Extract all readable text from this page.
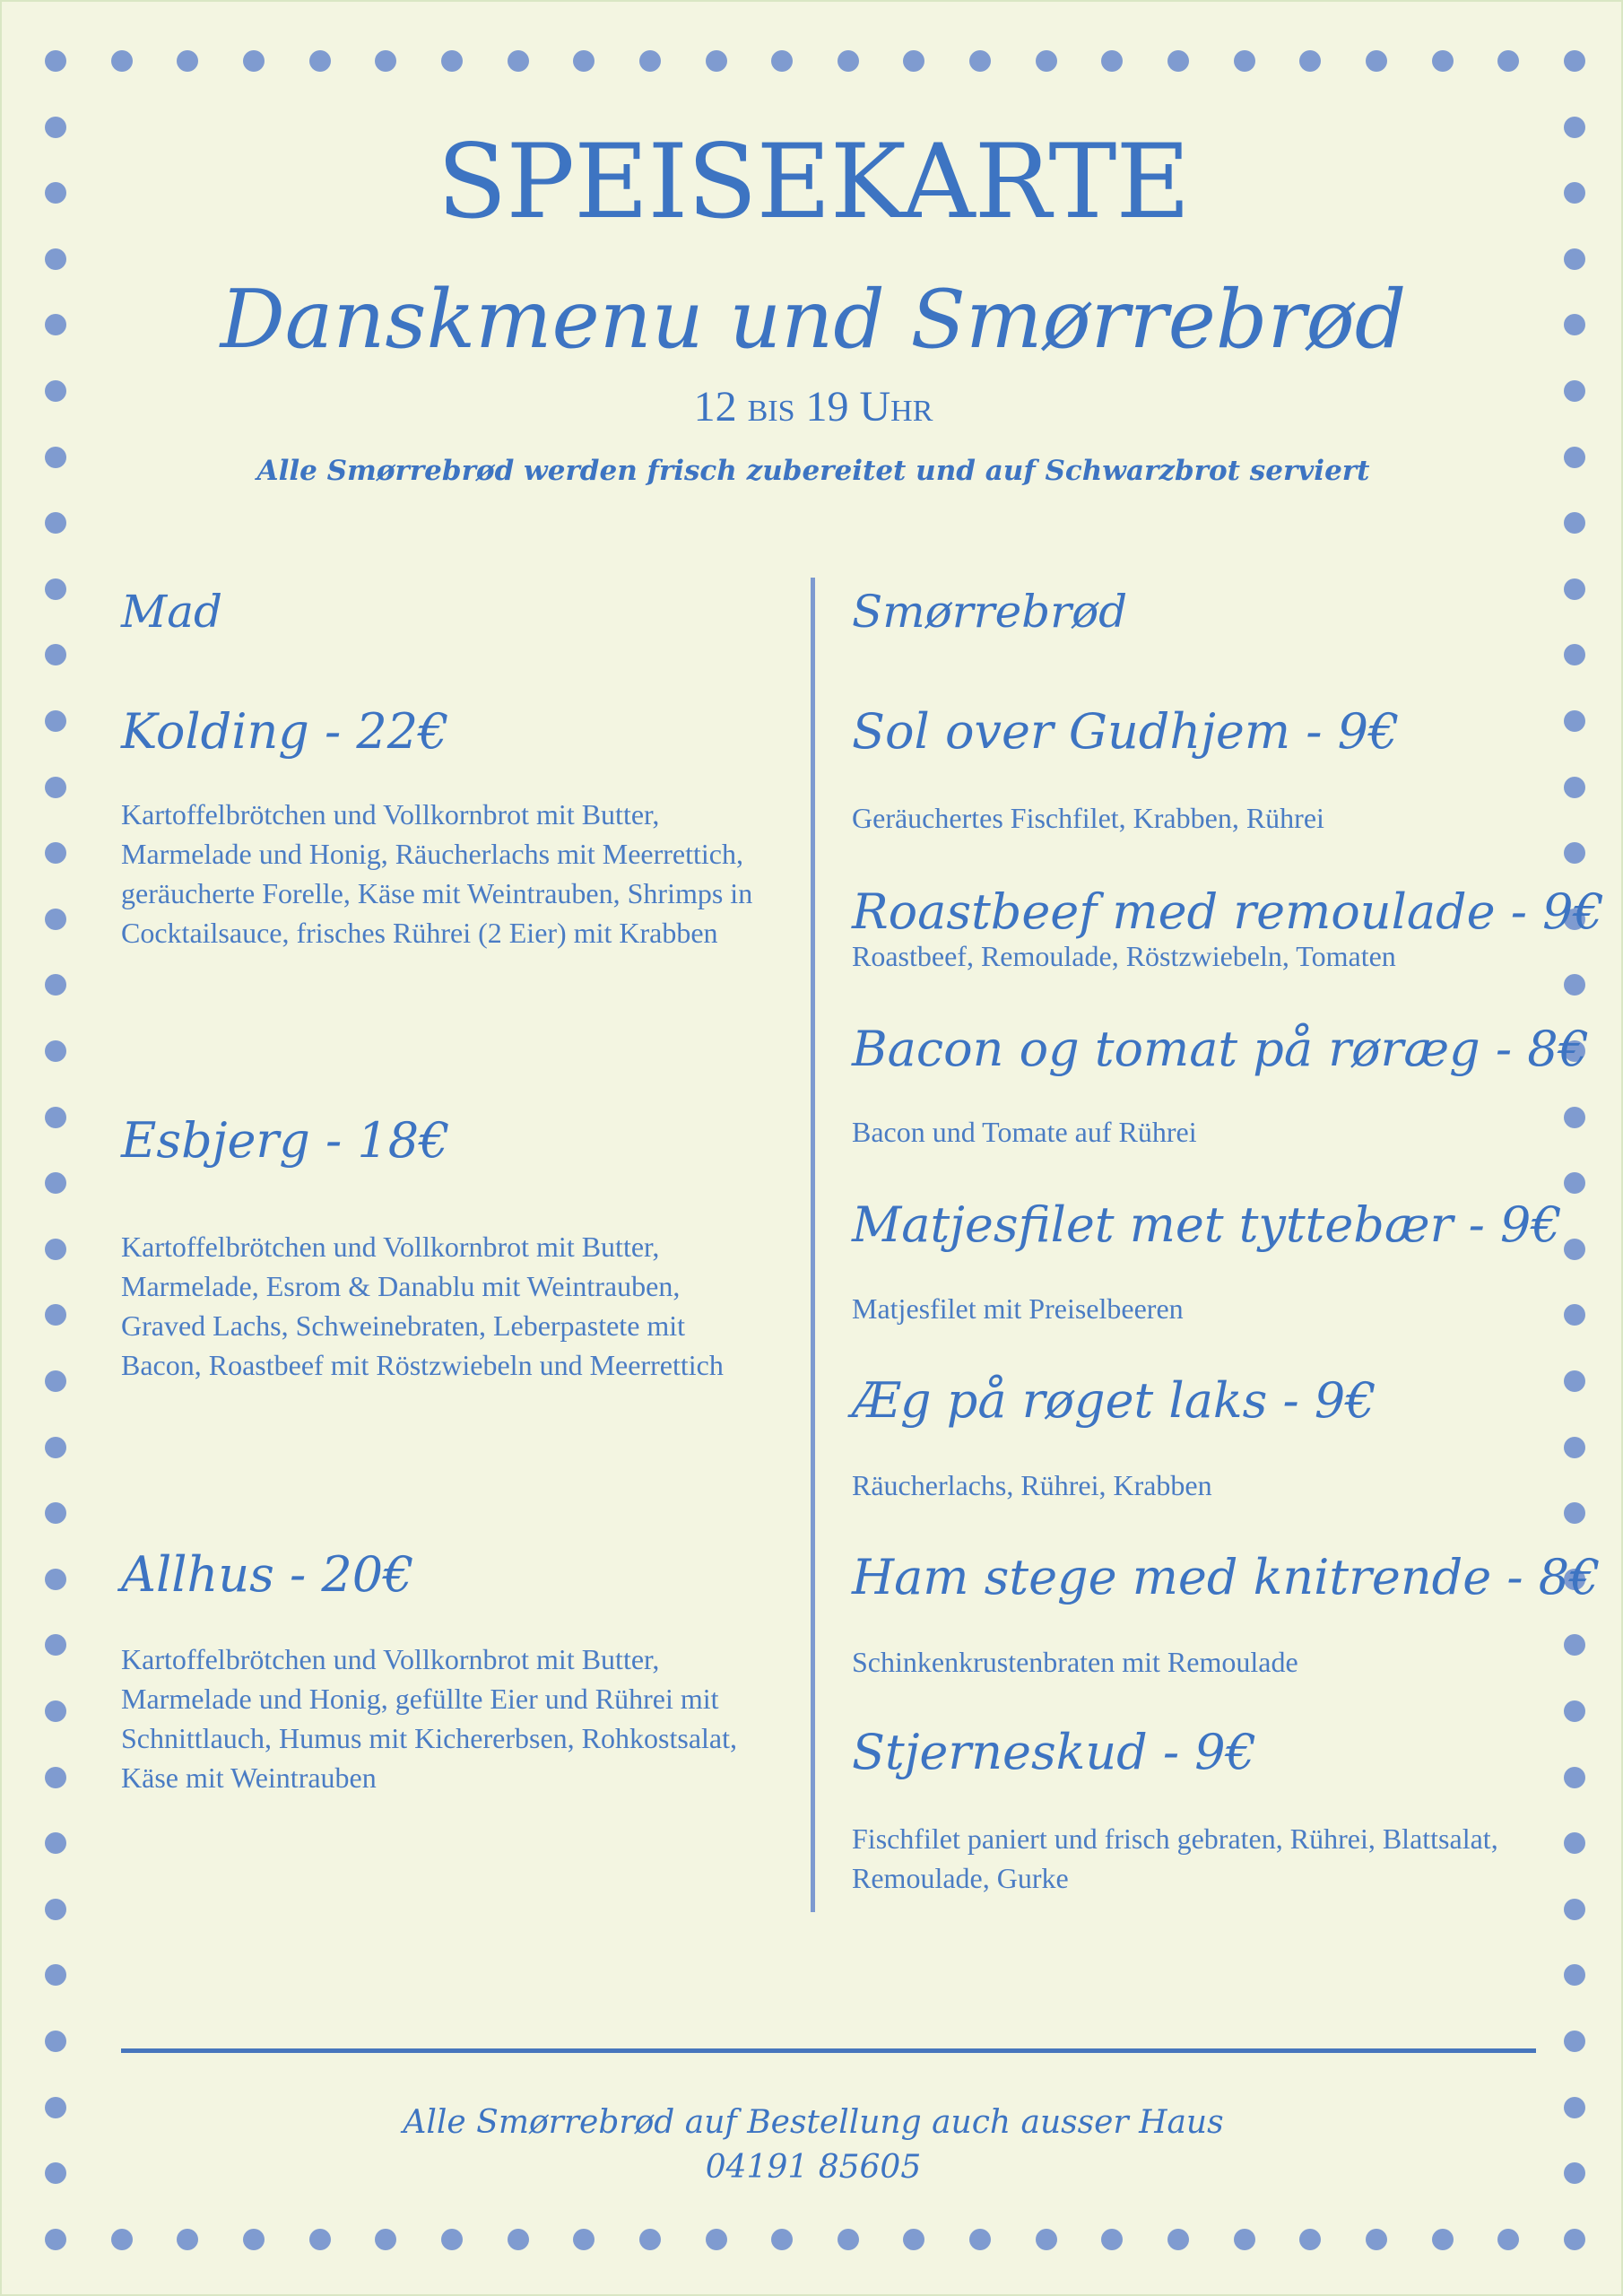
SPEISEKARTE
Danskmenu und Smørrebrød
12 bis 19 Uhr
Alle Smørrebrød werden frisch zubereitet und auf Schwarzbrot serviert
Mad
Kolding - 22€
Kartoffelbrötchen und Vollkornbrot mit Butter, Marmelade und Honig, Räucherlachs mit Meerrettich, geräucherte Forelle, Käse mit Weintrauben, Shrimps in Cocktailsauce, frisches Rührei (2 Eier) mit Krabben
Esbjerg - 18€
Kartoffelbrötchen und Vollkornbrot mit Butter, Marmelade, Esrom & Danablu mit Weintrauben, Graved Lachs, Schweinebraten, Leberpastete mit Bacon, Roastbeef mit Röstzwiebeln und Meerrettich
Allhus - 20€
Kartoffelbrötchen und Vollkornbrot mit Butter, Marmelade und Honig, gefüllte Eier und Rührei mit Schnittlauch, Humus mit Kichererbsen, Rohkostsalat, Käse mit Weintrauben
Smørrebrød
Sol over Gudhjem - 9€
Geräuchertes Fischfilet, Krabben, Rührei
Roastbeef med remoulade - 9€
Roastbeef, Remoulade, Röstzwiebeln, Tomaten
Bacon og tomat på røræg - 8€
Bacon und Tomate auf Rührei
Matjesfilet met tyttebær - 9€
Matjesfilet mit Preiselbeeren
Æg på røget laks - 9€
Räucherlachs, Rührei, Krabben
Ham stege med knitrende - 8€
Schinkenkrustenbraten mit Remoulade
Stjerneskud - 9€
Fischfilet paniert und frisch gebraten, Rührei, Blattsalat, Remoulade, Gurke
Alle Smørrebrød auf Bestellung auch ausser Haus
04191 85605
